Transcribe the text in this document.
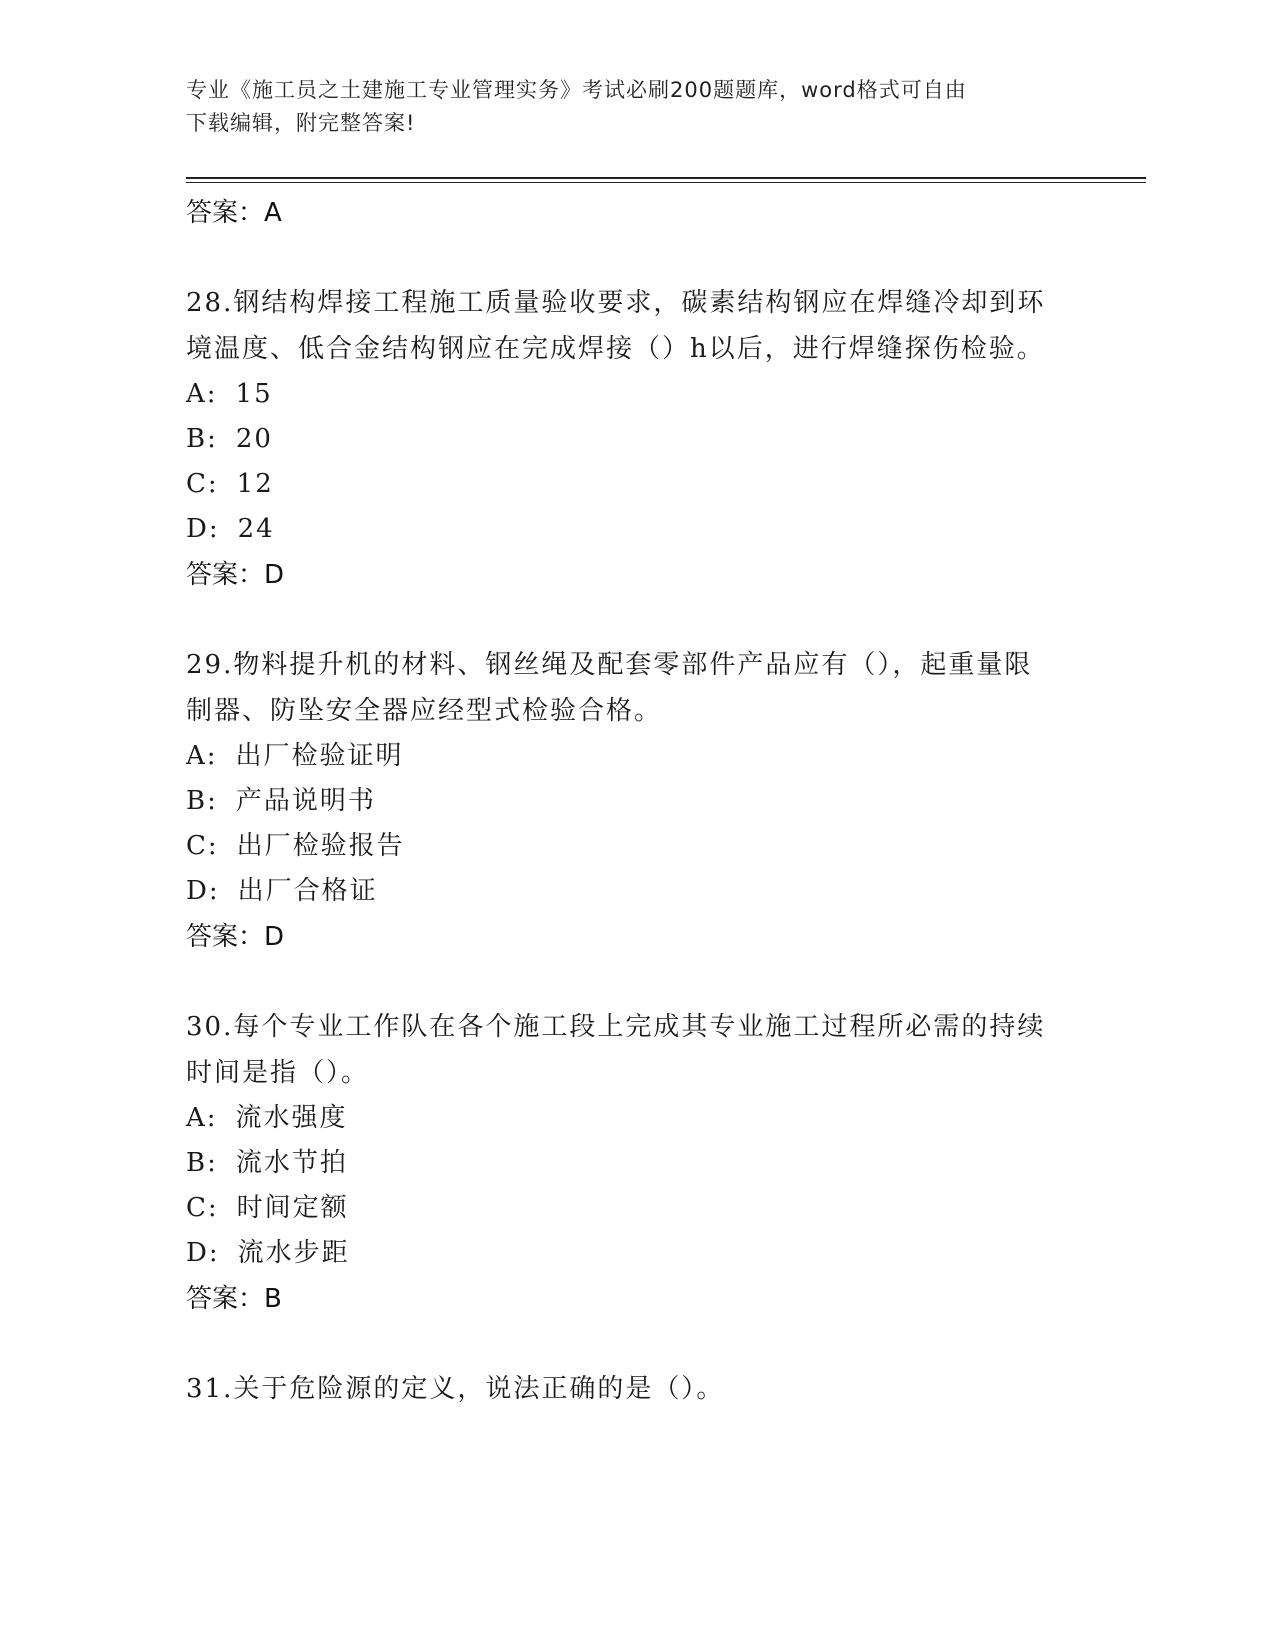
专业《施工员之土建施工专业管理实务》考试必刷200题题库，word格式可自由
下载编辑，附完整答案!
答案：A
28.钢结构焊接工程施工质量验收要求，碳素结构钢应在焊缝冷却到环
境温度、低合金结构钢应在完成焊接（）h以后，进行焊缝探伤检验。
A: 15
B: 20
C: 12
D: 24
答案：D
29.物料提升机的材料、钢丝绳及配套零部件产品应有（），起重量限
制器、防坠安全器应经型式检验合格。
A: 出厂检验证明
B: 产品说明书
C: 出厂检验报告
D: 出厂合格证
答案：D
30.每个专业工作队在各个施工段上完成其专业施工过程所必需的持续
时间是指（）。
A: 流水强度
B: 流水节拍
C: 时间定额
D: 流水步距
答案：B
31.关于危险源的定义，说法正确的是（）。
